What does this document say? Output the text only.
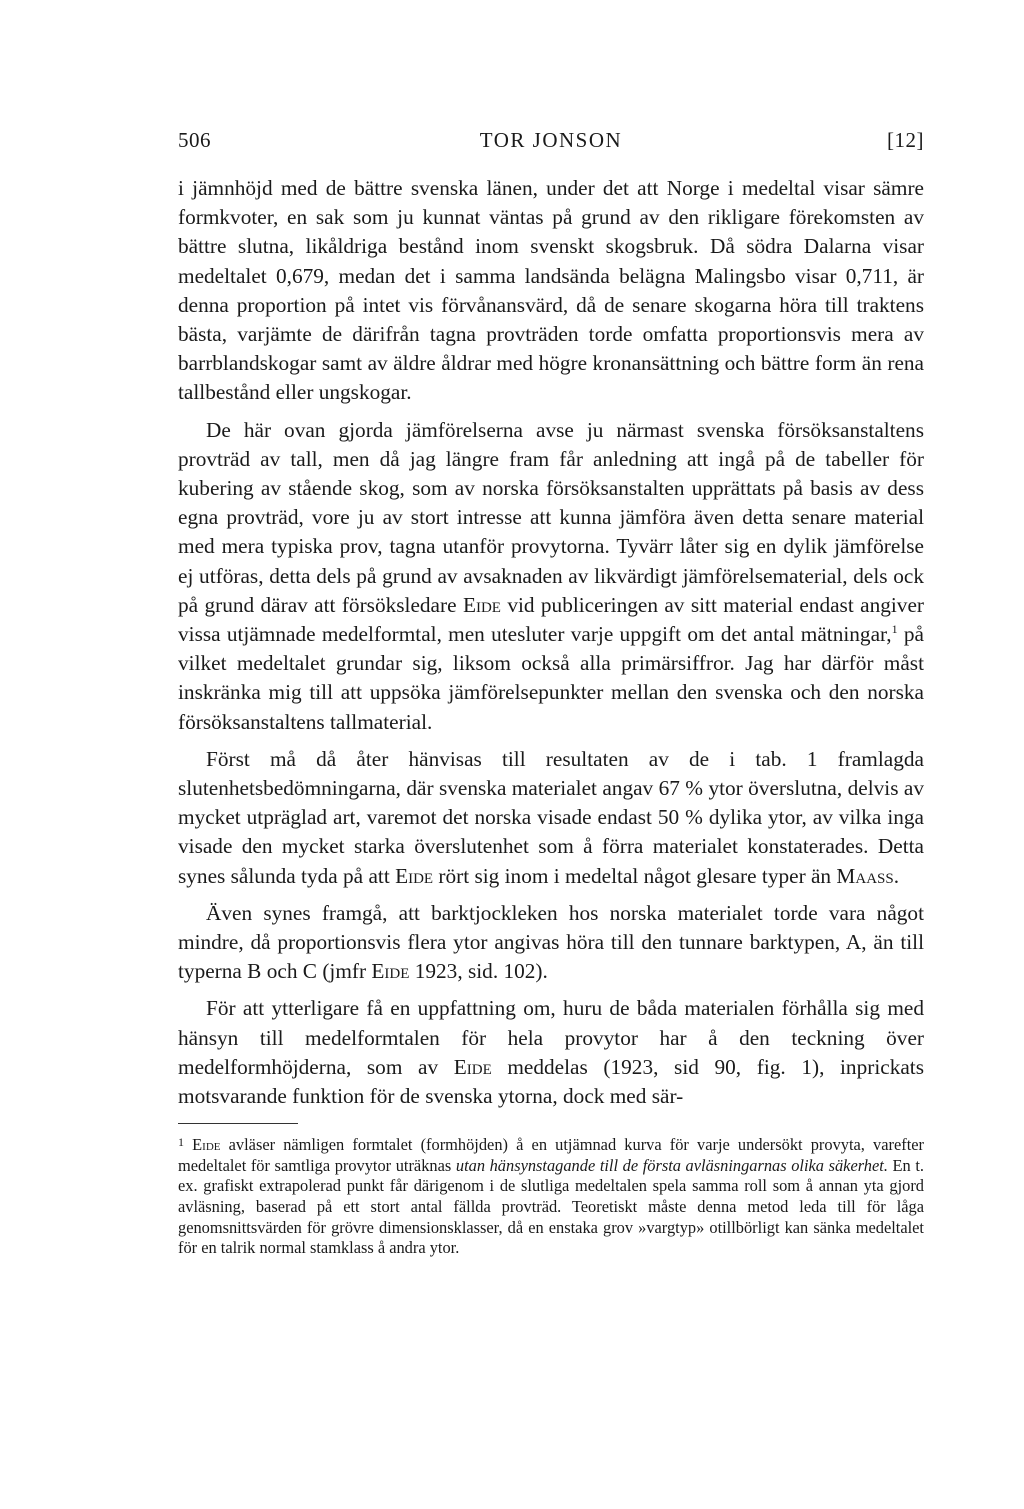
506	TOR JONSON	[12]

i jämnhöjd med de bättre svenska länen, under det att Norge i medeltal visar sämre formkvoter, en sak som ju kunnat väntas på grund av den rikligare förekomsten av bättre slutna, likåldriga bestånd inom svenskt skogsbruk. Då södra Dalarna visar medeltalet 0,679, medan det i samma landsända belägna Malingsbo visar 0,711, är denna proportion på intet vis förvånansvärd, då de senare skogarna höra till traktens bästa, varjämte de därifrån tagna provträden torde omfatta proportionsvis mera av barrblandskogar samt av äldre åldrar med högre kronansättning och bättre form än rena tallbestånd eller ungskogar.

De här ovan gjorda jämförelserna avse ju närmast svenska försöksanstaltens provträd av tall, men då jag längre fram får anledning att ingå på de tabeller för kubering av stående skog, som av norska försöksanstalten upprättats på basis av dess egna provträd, vore ju av stort intresse att kunna jämföra även detta senare material med mera typiska prov, tagna utanför provytorna. Tyvärr låter sig en dylik jämförelse ej utföras, detta dels på grund av avsaknaden av likvärdigt jämförelsematerial, dels ock på grund därav att försöksledare Eide vid publiceringen av sitt material endast angiver vissa utjämnade medelformtal, men utesluter varje uppgift om det antal mätningar,$^1$ på vilket medeltalet grundar sig, liksom också alla primärsiffror. Jag har därför måst inskränka mig till att uppsöka jämförelsepunkter mellan den svenska och den norska försöksanstaltens tallmaterial.

Först må då åter hänvisas till resultaten av de i tab. 1 framlagda slutenhetsbedömningarna, där svenska materialet angav 67 % ytor överslutna, delvis av mycket utpräglad art, varemot det norska visade endast 50 % dylika ytor, av vilka inga visade den mycket starka överslutenhet som å förra materialet konstaterades. Detta synes sålunda tyda på att Eide rört sig inom i medeltal något glesare typer än Maass.

Även synes framgå, att barktjockleken hos norska materialet torde vara något mindre, då proportionsvis flera ytor angivas höra till den tunnare barktypen, A, än till typerna B och C (jmfr Eide 1923, sid. 102).

För att ytterligare få en uppfattning om, huru de båda materialen förhålla sig med hänsyn till medelformtalen för hela provytor har å den teckning över medelformhöjderna, som av Eide meddelas (1923, sid 90, fig. 1), inprickats motsvarande funktion för de svenska ytorna, dock med sär-

$^1$ Eide avläser nämligen formtalet (formhöjden) å en utjämnad kurva för varje undersökt provyta, varefter medeltalet för samtliga provytor uträknas utan hänsynstagande till de första avläsningarnas olika säkerhet. En t. ex. grafiskt extrapolerad punkt får därigenom i de slutliga medeltalen spela samma roll som å annan yta gjord avläsning, baserad på ett stort antal fällda provträd. Teoretiskt måste denna metod leda till för låga genomsnittsvärden för grövre dimensionsklasser, då en enstaka grov »vargtyp» otillbörligt kan sänka medeltalet för en talrik normal stamklass å andra ytor.
